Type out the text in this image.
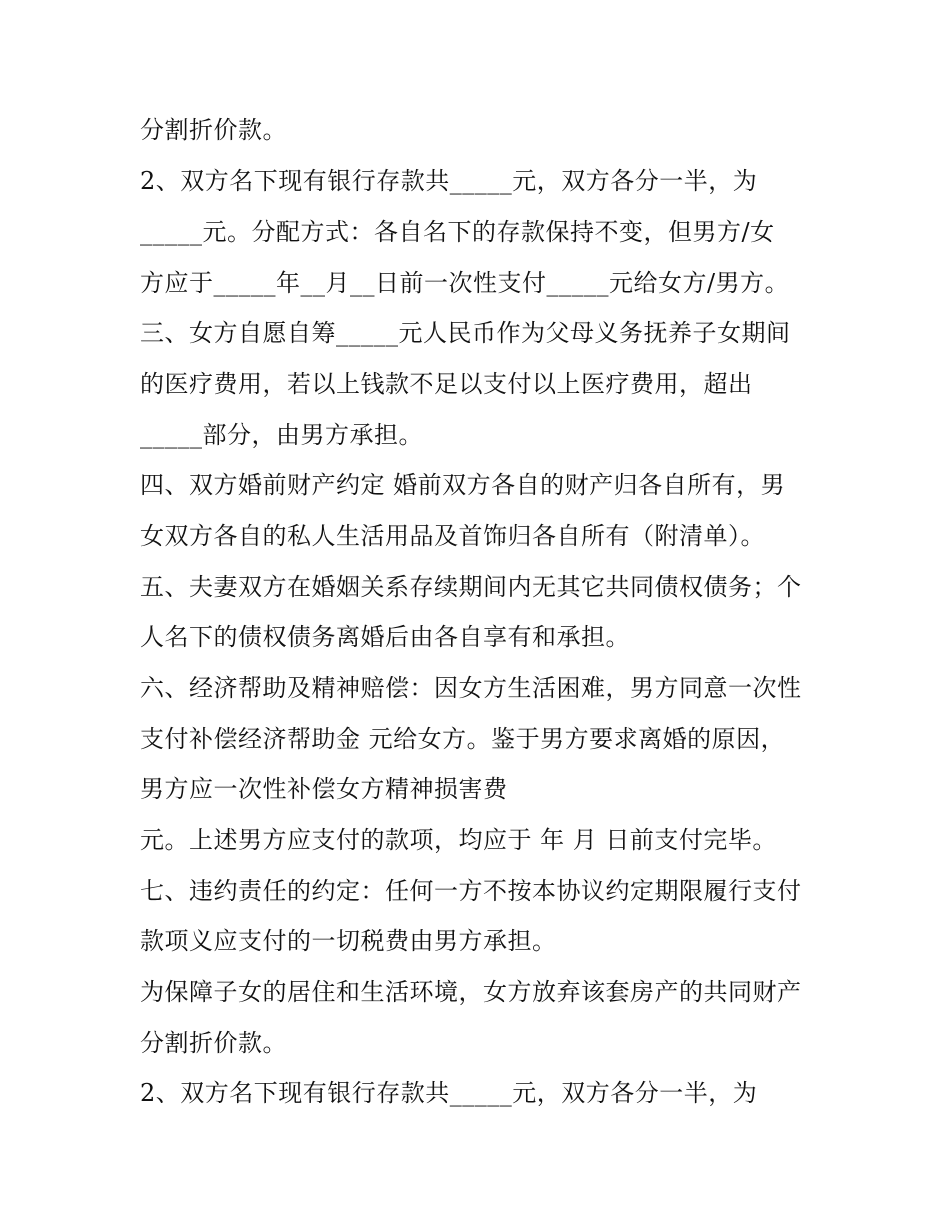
分割折价款。
2、双方名下现有银行存款共_____元，双方各分一半，为
_____元。分配方式：各自名下的存款保持不变，但男方/女
方应于_____年__月__日前一次性支付_____元给女方/男方。
三、女方自愿自筹_____元人民币作为父母义务抚养子女期间
的医疗费用，若以上钱款不足以支付以上医疗费用，超出
_____部分，由男方承担。
四、双方婚前财产约定 婚前双方各自的财产归各自所有，男
女双方各自的私人生活用品及首饰归各自所有（附清单）。
五、夫妻双方在婚姻关系存续期间内无其它共同债权债务；个
人名下的债权债务离婚后由各自享有和承担。
六、经济帮助及精神赔偿：因女方生活困难，男方同意一次性
支付补偿经济帮助金 元给女方。鉴于男方要求离婚的原因，
男方应一次性补偿女方精神损害费
元。上述男方应支付的款项，均应于 年 月 日前支付完毕。
七、违约责任的约定：任何一方不按本协议约定期限履行支付
款项义应支付的一切税费由男方承担。
为保障子女的居住和生活环境，女方放弃该套房产的共同财产
分割折价款。
2、双方名下现有银行存款共_____元，双方各分一半，为
